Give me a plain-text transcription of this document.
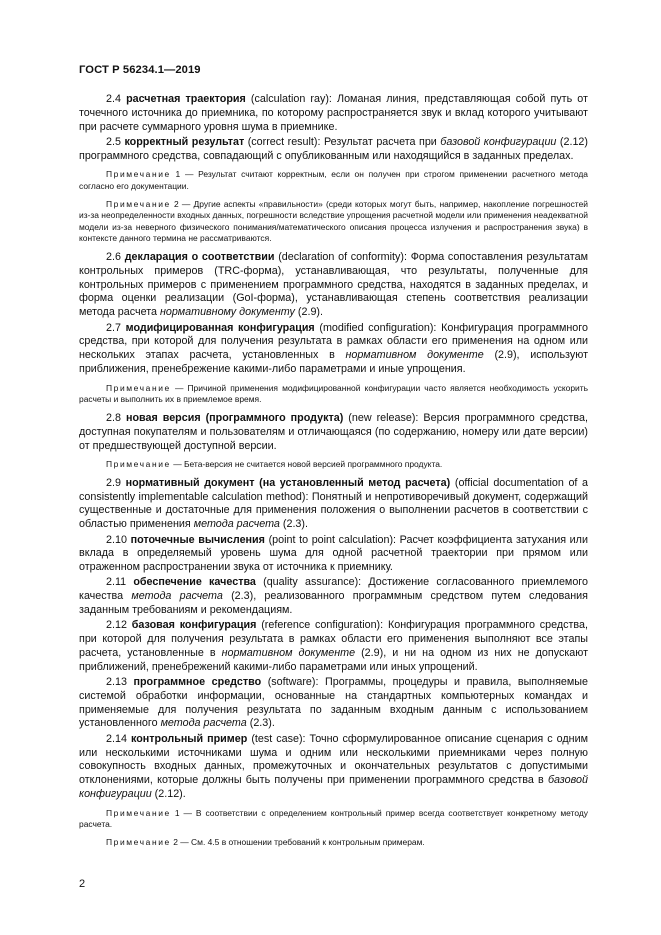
ГОСТ Р 56234.1—2019

2.4 расчетная траектория (calculation ray): Ломаная линия, представляющая собой путь от точечного источника до приемника, по которому распространяется звук и вклад которого учитывают при расчете суммарного уровня шума в приемнике.

2.5 корректный результат (correct result): Результат расчета при базовой конфигурации (2.12) программного средства, совпадающий с опубликованным или находящийся в заданных пределах.

Примечание 1 — Результат считают корректным, если он получен при строгом применении расчетного метода согласно его документации.

Примечание 2 — Другие аспекты «правильности» (среди которых могут быть, например, накопление погрешностей из-за неопределенности входных данных, погрешности вследствие упрощения расчетной модели или применения неадекватной модели из-за неверного физического понимания/математического описания процесса излучения и распространения звука) в контексте данного термина не рассматриваются.

2.6 декларация о соответствии (declaration of conformity): Форма сопоставления результатам контрольных примеров (TRC-форма), устанавливающая, что результаты, полученные для контрольных примеров с применением программного средства, находятся в заданных пределах, и форма оценки реализации (GoI-форма), устанавливающая степень соответствия реализации метода расчета нормативному документу (2.9).

2.7 модифицированная конфигурация (modified configuration): Конфигурация программного средства, при которой для получения результата в рамках области его применения на одном или нескольких этапах расчета, установленных в нормативном документе (2.9), используют приближения, пренебрежение какими-либо параметрами и иные упрощения.

Примечание — Причиной применения модифицированной конфигурации часто является необходимость ускорить расчеты и выполнить их в приемлемое время.

2.8 новая версия (программного продукта) (new release): Версия программного средства, доступная покупателям и пользователям и отличающаяся (по содержанию, номеру или дате версии) от предшествующей доступной версии.

Примечание — Бета-версия не считается новой версией программного продукта.

2.9 нормативный документ (на установленный метод расчета) (official documentation of a consistently implementable calculation method): Понятный и непротиворечивый документ, содержащий существенные и достаточные для применения положения о выполнении расчетов в соответствии с областью применения метода расчета (2.3).

2.10 поточечные вычисления (point to point calculation): Расчет коэффициента затухания или вклада в определяемый уровень шума для одной расчетной траектории при прямом или отраженном распространении звука от источника к приемнику.

2.11 обеспечение качества (quality assurance): Достижение согласованного приемлемого качества метода расчета (2.3), реализованного программным средством путем следования заданным требованиям и рекомендациям.

2.12 базовая конфигурация (reference configuration): Конфигурация программного средства, при которой для получения результата в рамках области его применения выполняют все этапы расчета, установленные в нормативном документе (2.9), и ни на одном из них не допускают приближений, пренебрежений какими-либо параметрами или иных упрощений.

2.13 программное средство (software): Программы, процедуры и правила, выполняемые системой обработки информации, основанные на стандартных компьютерных командах и применяемые для получения результата по заданным входным данным с использованием установленного метода расчета (2.3).

2.14 контрольный пример (test case): Точно сформулированное описание сценария с одним или несколькими источниками шума и одним или несколькими приемниками через полную совокупность входных данных, промежуточных и окончательных результатов с допустимыми отклонениями, которые должны быть получены при применении программного средства в базовой конфигурации (2.12).

Примечание 1 — В соответствии с определением контрольный пример всегда соответствует конкретному методу расчета.

Примечание 2 — См. 4.5 в отношении требований к контрольным примерам.

2
